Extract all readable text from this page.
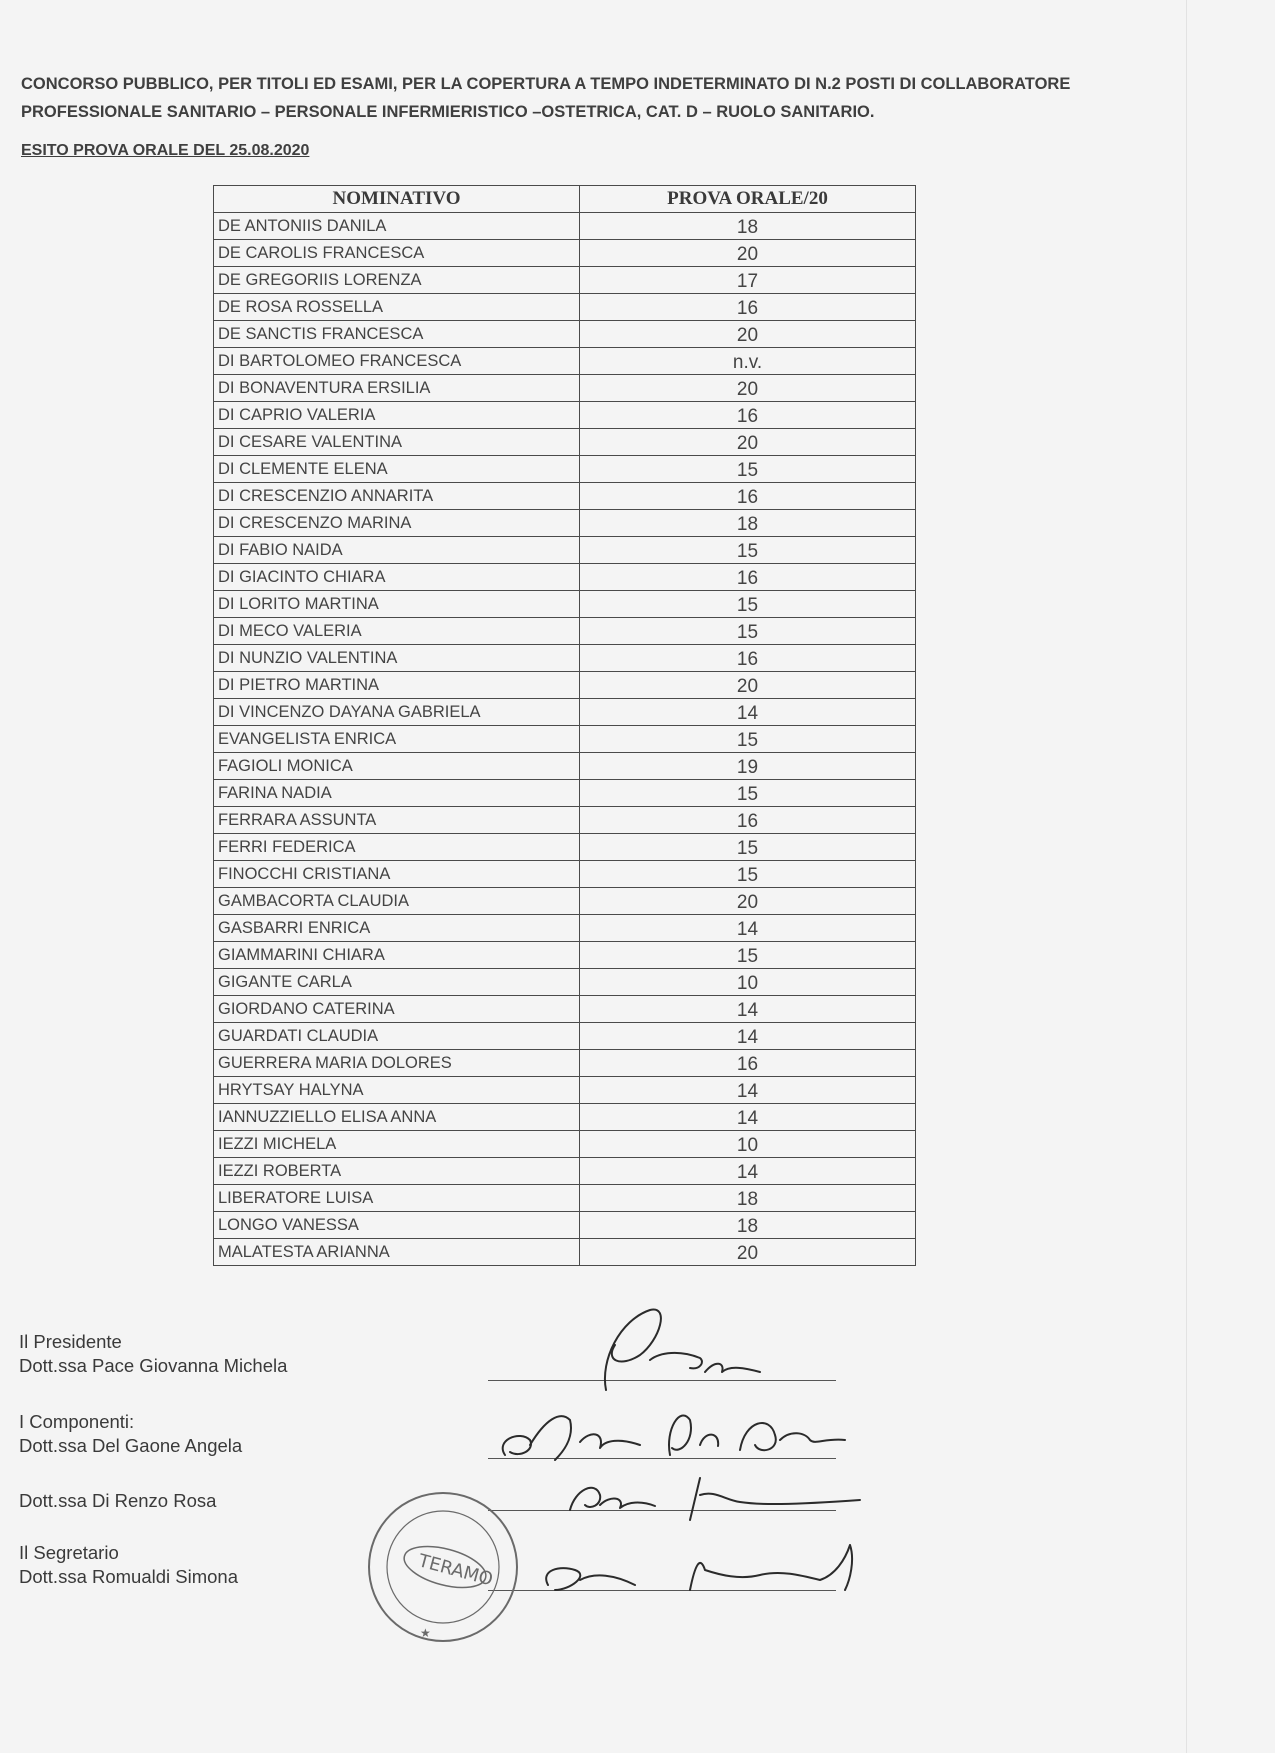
CONCORSO PUBBLICO, PER TITOLI ED ESAMI, PER LA COPERTURA A TEMPO INDETERMINATO DI N.2 POSTI DI COLLABORATORE
PROFESSIONALE SANITARIO – PERSONALE INFERMIERISTICO –OSTETRICA, CAT. D – RUOLO SANITARIO.
ESITO PROVA ORALE DEL 25.08.2020
NOMINATIVO	PROVA ORALE/20
DE ANTONIIS DANILA	18
DE CAROLIS FRANCESCA	20
DE GREGORIIS LORENZA	17
DE ROSA ROSSELLA	16
DE SANCTIS FRANCESCA	20
DI BARTOLOMEO FRANCESCA	n.v.
DI BONAVENTURA ERSILIA	20
DI CAPRIO VALERIA	16
DI CESARE VALENTINA	20
DI CLEMENTE ELENA	15
DI CRESCENZIO ANNARITA	16
DI CRESCENZO MARINA	18
DI FABIO NAIDA	15
DI GIACINTO CHIARA	16
DI LORITO MARTINA	15
DI MECO VALERIA	15
DI NUNZIO VALENTINA	16
DI PIETRO MARTINA	20
DI VINCENZO DAYANA GABRIELA	14
EVANGELISTA ENRICA	15
FAGIOLI MONICA	19
FARINA NADIA	15
FERRARA ASSUNTA	16
FERRI FEDERICA	15
FINOCCHI CRISTIANA	15
GAMBACORTA CLAUDIA	20
GASBARRI ENRICA	14
GIAMMARINI CHIARA	15
GIGANTE CARLA	10
GIORDANO CATERINA	14
GUARDATI CLAUDIA	14
GUERRERA MARIA DOLORES	16
HRYTSAY HALYNA	14
IANNUZZIELLO ELISA ANNA	14
IEZZI MICHELA	10
IEZZI ROBERTA	14
LIBERATORE LUISA	18
LONGO VANESSA	18
MALATESTA ARIANNA	20
Il Presidente
Dott.ssa Pace Giovanna Michela
I Componenti:
Dott.ssa Del Gaone Angela
Dott.ssa Di Renzo Rosa
Il Segretario
Dott.ssa Romualdi Simona	TERAMO
★
